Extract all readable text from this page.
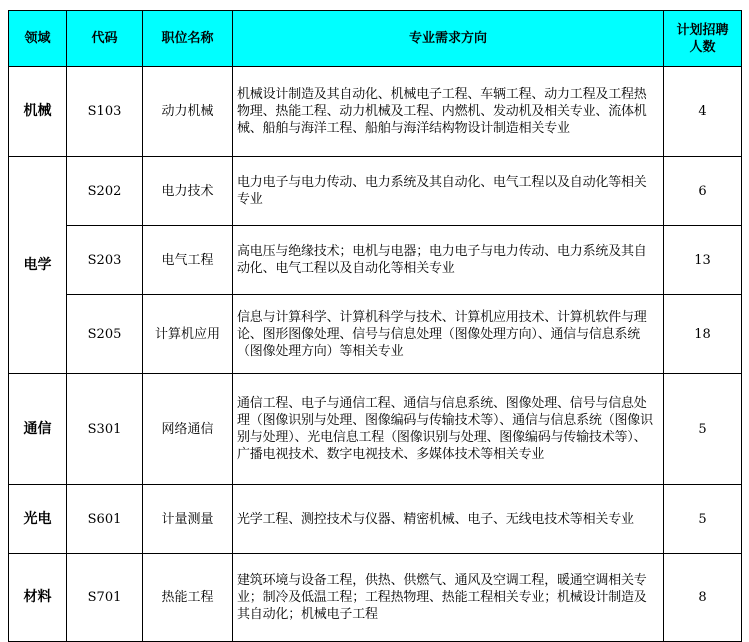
领域	代码	职位名称	专业需求方向	计划招聘人数
机械	S103	动力机械	机械设计制造及其自动化、机械电子工程、车辆工程、动力工程及工程热物理、热能工程、动力机械及工程、内燃机、发动机及相关专业、流体机械、船舶与海洋工程、船舶与海洋结构物设计制造相关专业	4
电学	S202	电力技术	电力电子与电力传动、电力系统及其自动化、电气工程以及自动化等相关专业	6
	S203	电气工程	高电压与绝缘技术；电机与电器；电力电子与电力传动、电力系统及其自动化、电气工程以及自动化等相关专业	13
	S205	计算机应用	信息与计算科学、计算机科学与技术、计算机应用技术、计算机软件与理论、图形图像处理、信号与信息处理（图像处理方向）、通信与信息系统（图像处理方向）等相关专业	18
通信	S301	网络通信	通信工程、电子与通信工程、通信与信息系统、图像处理、信号与信息处理（图像识别与处理、图像编码与传输技术等）、通信与信息系统（图像识别与处理）、光电信息工程（图像识别与处理、图像编码与传输技术等）、广播电视技术、数字电视技术、多媒体技术等相关专业	5
光电	S601	计量测量	光学工程、测控技术与仪器、精密机械、电子、无线电技术等相关专业	5
材料	S701	热能工程	建筑环境与设备工程，供热、供燃气、通风及空调工程，暖通空调相关专业；制冷及低温工程；工程热物理、热能工程相关专业；机械设计制造及其自动化；机械电子工程	8
